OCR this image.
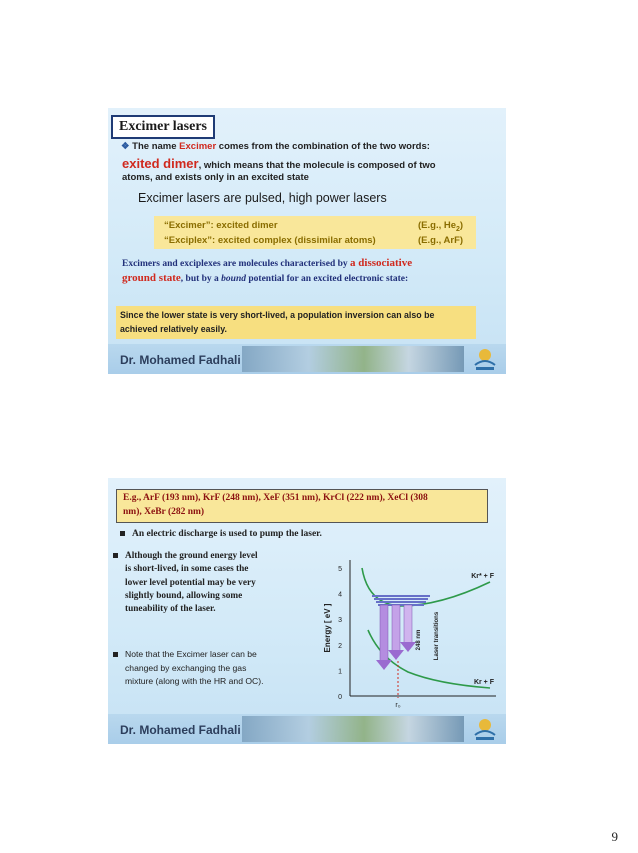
Excimer lasers
❖ The name Excimer comes from the combination of the two words:
exited dimer, which means that the molecule is composed of two
atoms, and exists only in an excited state
Excimer lasers are pulsed, high power lasers
“Excimer”: excited dimer	(E.g., $He_2$)
“Exciplex”: excited complex (dissimilar atoms)	(E.g., ArF)
Excimers and exciplexes are molecules characterised by a dissociative
ground state, but by a bound potential for an excited electronic state:
Since the lower state is very short-lived, a population inversion can also be
achieved relatively easily.
Dr. Mohamed Fadhali
E.g., ArF (193 nm), KrF (248 nm), XeF (351 nm), KrCl (222 nm), XeCl (308
nm), XeBr (282 nm)
An electric discharge is used to pump the laser.
Although the ground energy level
is short-lived, in some cases the
lower level potential may be very
slightly bound, allowing some
tuneability of the laser.
Note that the Excimer laser can be
changed by exchanging the gas
mixture (along with the HR and OC).
Energy [ eV ]
0
1
2
3
4
5
248 nm Laser transitions
r₀
Kr* + F
Kr + F
Dr. Mohamed Fadhali
9
